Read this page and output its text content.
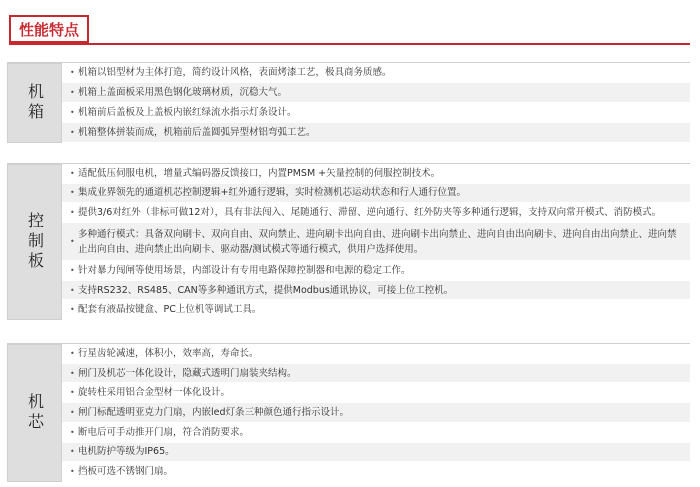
性能特点
机箱
• 机箱以铝型材为主体打造，简约设计风格，表面烤漆工艺，极具商务质感。
• 机箱上盖面板采用黑色钢化玻璃材质，沉稳大气。
• 机箱前后盖板及上盖板内嵌红绿流水指示灯条设计。
• 机箱整体拼装而成，机箱前后盖圆弧异型材铝弯弧工艺。
控制板
• 适配低压伺服电机，增量式编码器反馈接口，内置PMSM +矢量控制的伺服控制技术。
• 集成业界领先的通道机芯控制逻辑+红外通行逻辑，实时检测机芯运动状态和行人通行位置。
• 提供3/6对红外（非标可做12对），具有非法闯入、尾随通行、滞留、逆向通行、红外防夹等多种通行逻辑，支持双向常开模式、消防模式。
•
多种通行模式：具备双向刷卡、双向自由、双向禁止、进向刷卡出向自由、进向刷卡出向禁止、进向自由出向刷卡、进向自由出向禁止、进向禁止出向自由、进向禁止出向刷卡、驱动器/测试模式等通行模式，供用户选择使用。
• 针对暴力闯闸等使用场景，内部设计有专用电路保障控制器和电源的稳定工作。
• 支持RS232、RS485、CAN等多种通讯方式，提供Modbus通讯协议，可接上位工控机。
• 配套有液晶按键盒、PC上位机等调试工具。
机芯
• 行星齿轮减速，体积小，效率高，寿命长。
• 闸门及机芯一体化设计，隐藏式透明门扇装夹结构。
• 旋转柱采用铝合金型材一体化设计。
• 闸门标配透明亚克力门扇，内嵌led灯条三种颜色通行指示设计。
• 断电后可手动推开门扇，符合消防要求。
• 电机防护等级为IP65。
• 挡板可选不锈钢门扇。
